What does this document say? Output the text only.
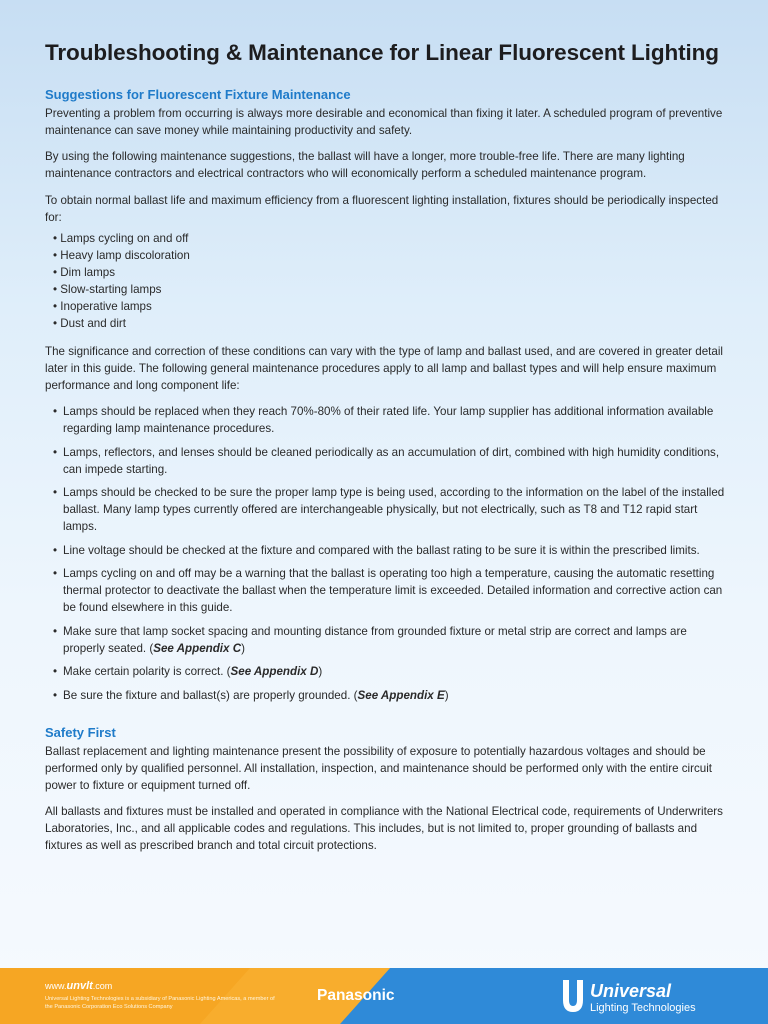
Troubleshooting & Maintenance for Linear Fluorescent Lighting
Suggestions for Fluorescent Fixture Maintenance

Preventing a problem from occurring is always more desirable and economical than fixing it later. A scheduled program of preventive maintenance can save money while maintaining productivity and safety.

By using the following maintenance suggestions, the ballast will have a longer, more trouble-free life. There are many lighting maintenance contractors and electrical contractors who will economically perform a scheduled maintenance program.

To obtain normal ballast life and maximum efficiency from a fluorescent lighting installation, fixtures should be periodically inspected for:

• Lamps cycling on and off
• Heavy lamp discoloration
• Dim lamps
• Slow-starting lamps
• Inoperative lamps
• Dust and dirt

The significance and correction of these conditions can vary with the type of lamp and ballast used, and are covered in greater detail later in this guide. The following general maintenance procedures apply to all lamp and ballast types and will help ensure maximum performance and long component life:

• Lamps should be replaced when they reach 70%-80% of their rated life. Your lamp supplier has additional information available regarding lamp maintenance procedures.
• Lamps, reflectors, and lenses should be cleaned periodically as an accumulation of dirt, combined with high humidity conditions, can impede starting.
• Lamps should be checked to be sure the proper lamp type is being used, according to the information on the label of the installed ballast. Many lamp types currently offered are interchangeable physically, but not electrically, such as T8 and T12 rapid start lamps.
• Line voltage should be checked at the fixture and compared with the ballast rating to be sure it is within the prescribed limits.
• Lamps cycling on and off may be a warning that the ballast is operating too high a temperature, causing the automatic resetting thermal protector to deactivate the ballast when the temperature limit is exceeded. Detailed information and corrective action can be found elsewhere in this guide.
• Make sure that lamp socket spacing and mounting distance from grounded fixture or metal strip are correct and lamps are properly seated. (See Appendix C)
• Make certain polarity is correct. (See Appendix D)
• Be sure the fixture and ballast(s) are properly grounded. (See Appendix E)
Safety First

Ballast replacement and lighting maintenance present the possibility of exposure to potentially hazardous voltages and should be performed only by qualified personnel. All installation, inspection, and maintenance should be performed only with the entire circuit power to fixture or equipment turned off.

All ballasts and fixtures must be installed and operated in compliance with the National Electrical code, requirements of Underwriters Laboratories, Inc., and all applicable codes and regulations. This includes, but is not limited to, proper grounding of ballasts and fixtures as well as prescribed branch and total circuit protections.

www.unvlt.com
Universal Lighting Technologies is a subsidiary of Panasonic Lighting Americas, a member of the Panasonic Corporation Eco Solutions Company
Panasonic	Universal
Lighting Technologies
